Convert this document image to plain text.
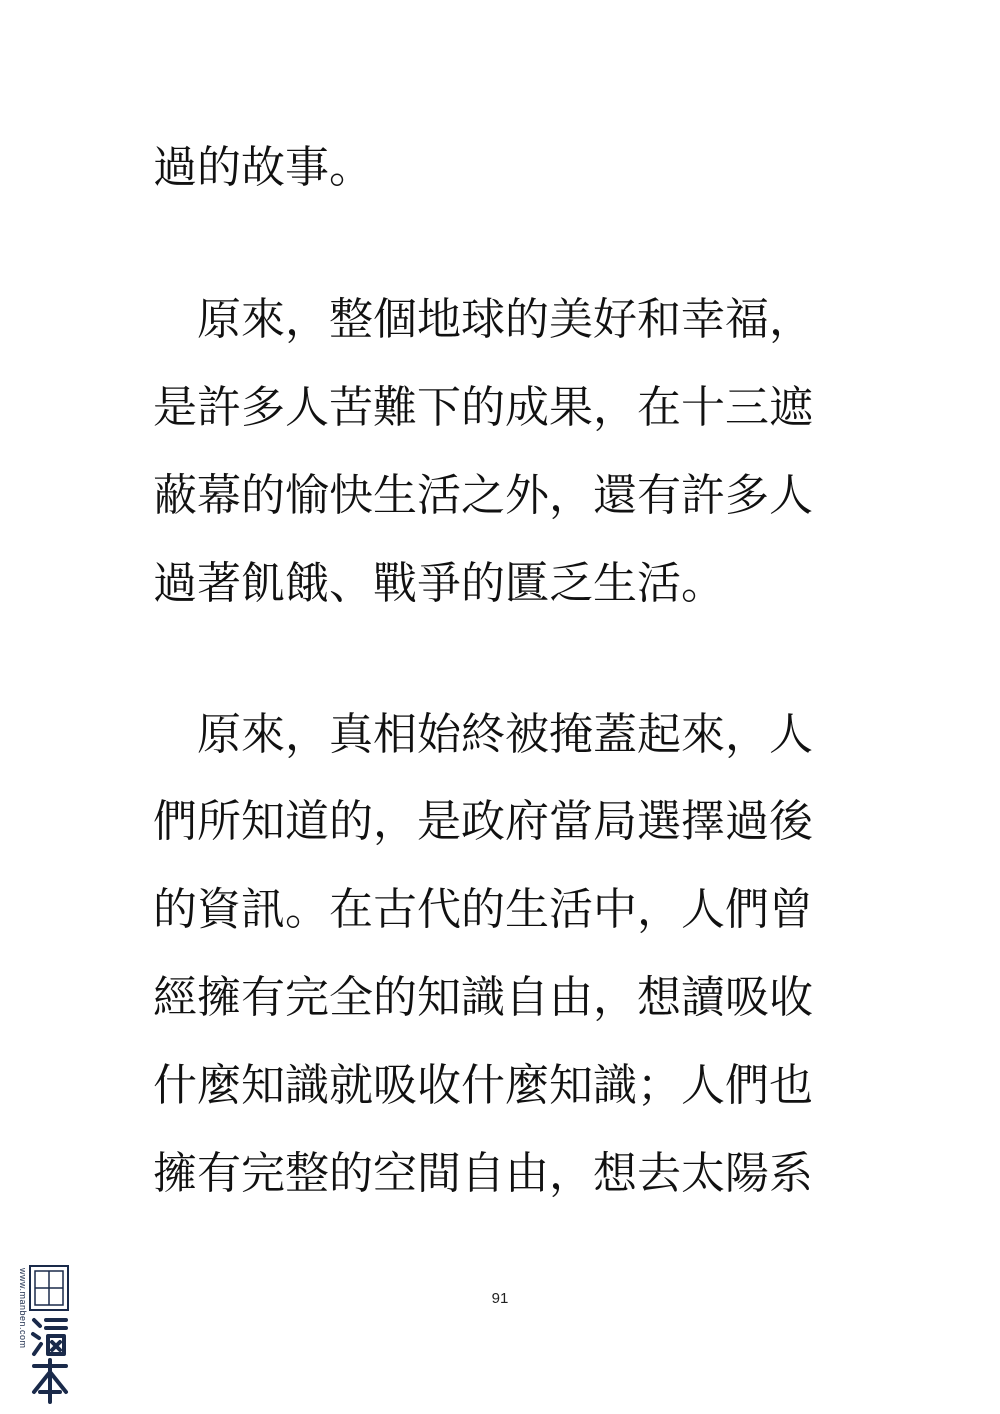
過的故事。
　原來，整個地球的美好和幸福，
是許多人苦難下的成果，在十三遮
蔽幕的愉快生活之外，還有許多人
過著飢餓、戰爭的匱乏生活。
　原來，真相始終被掩蓋起來，人
們所知道的，是政府當局選擇過後
的資訊。在古代的生活中，人們曾
經擁有完全的知識自由，想讀吸收
什麼知識就吸收什麼知識；人們也
擁有完整的空間自由，想去太陽系
91
www.manben.com
